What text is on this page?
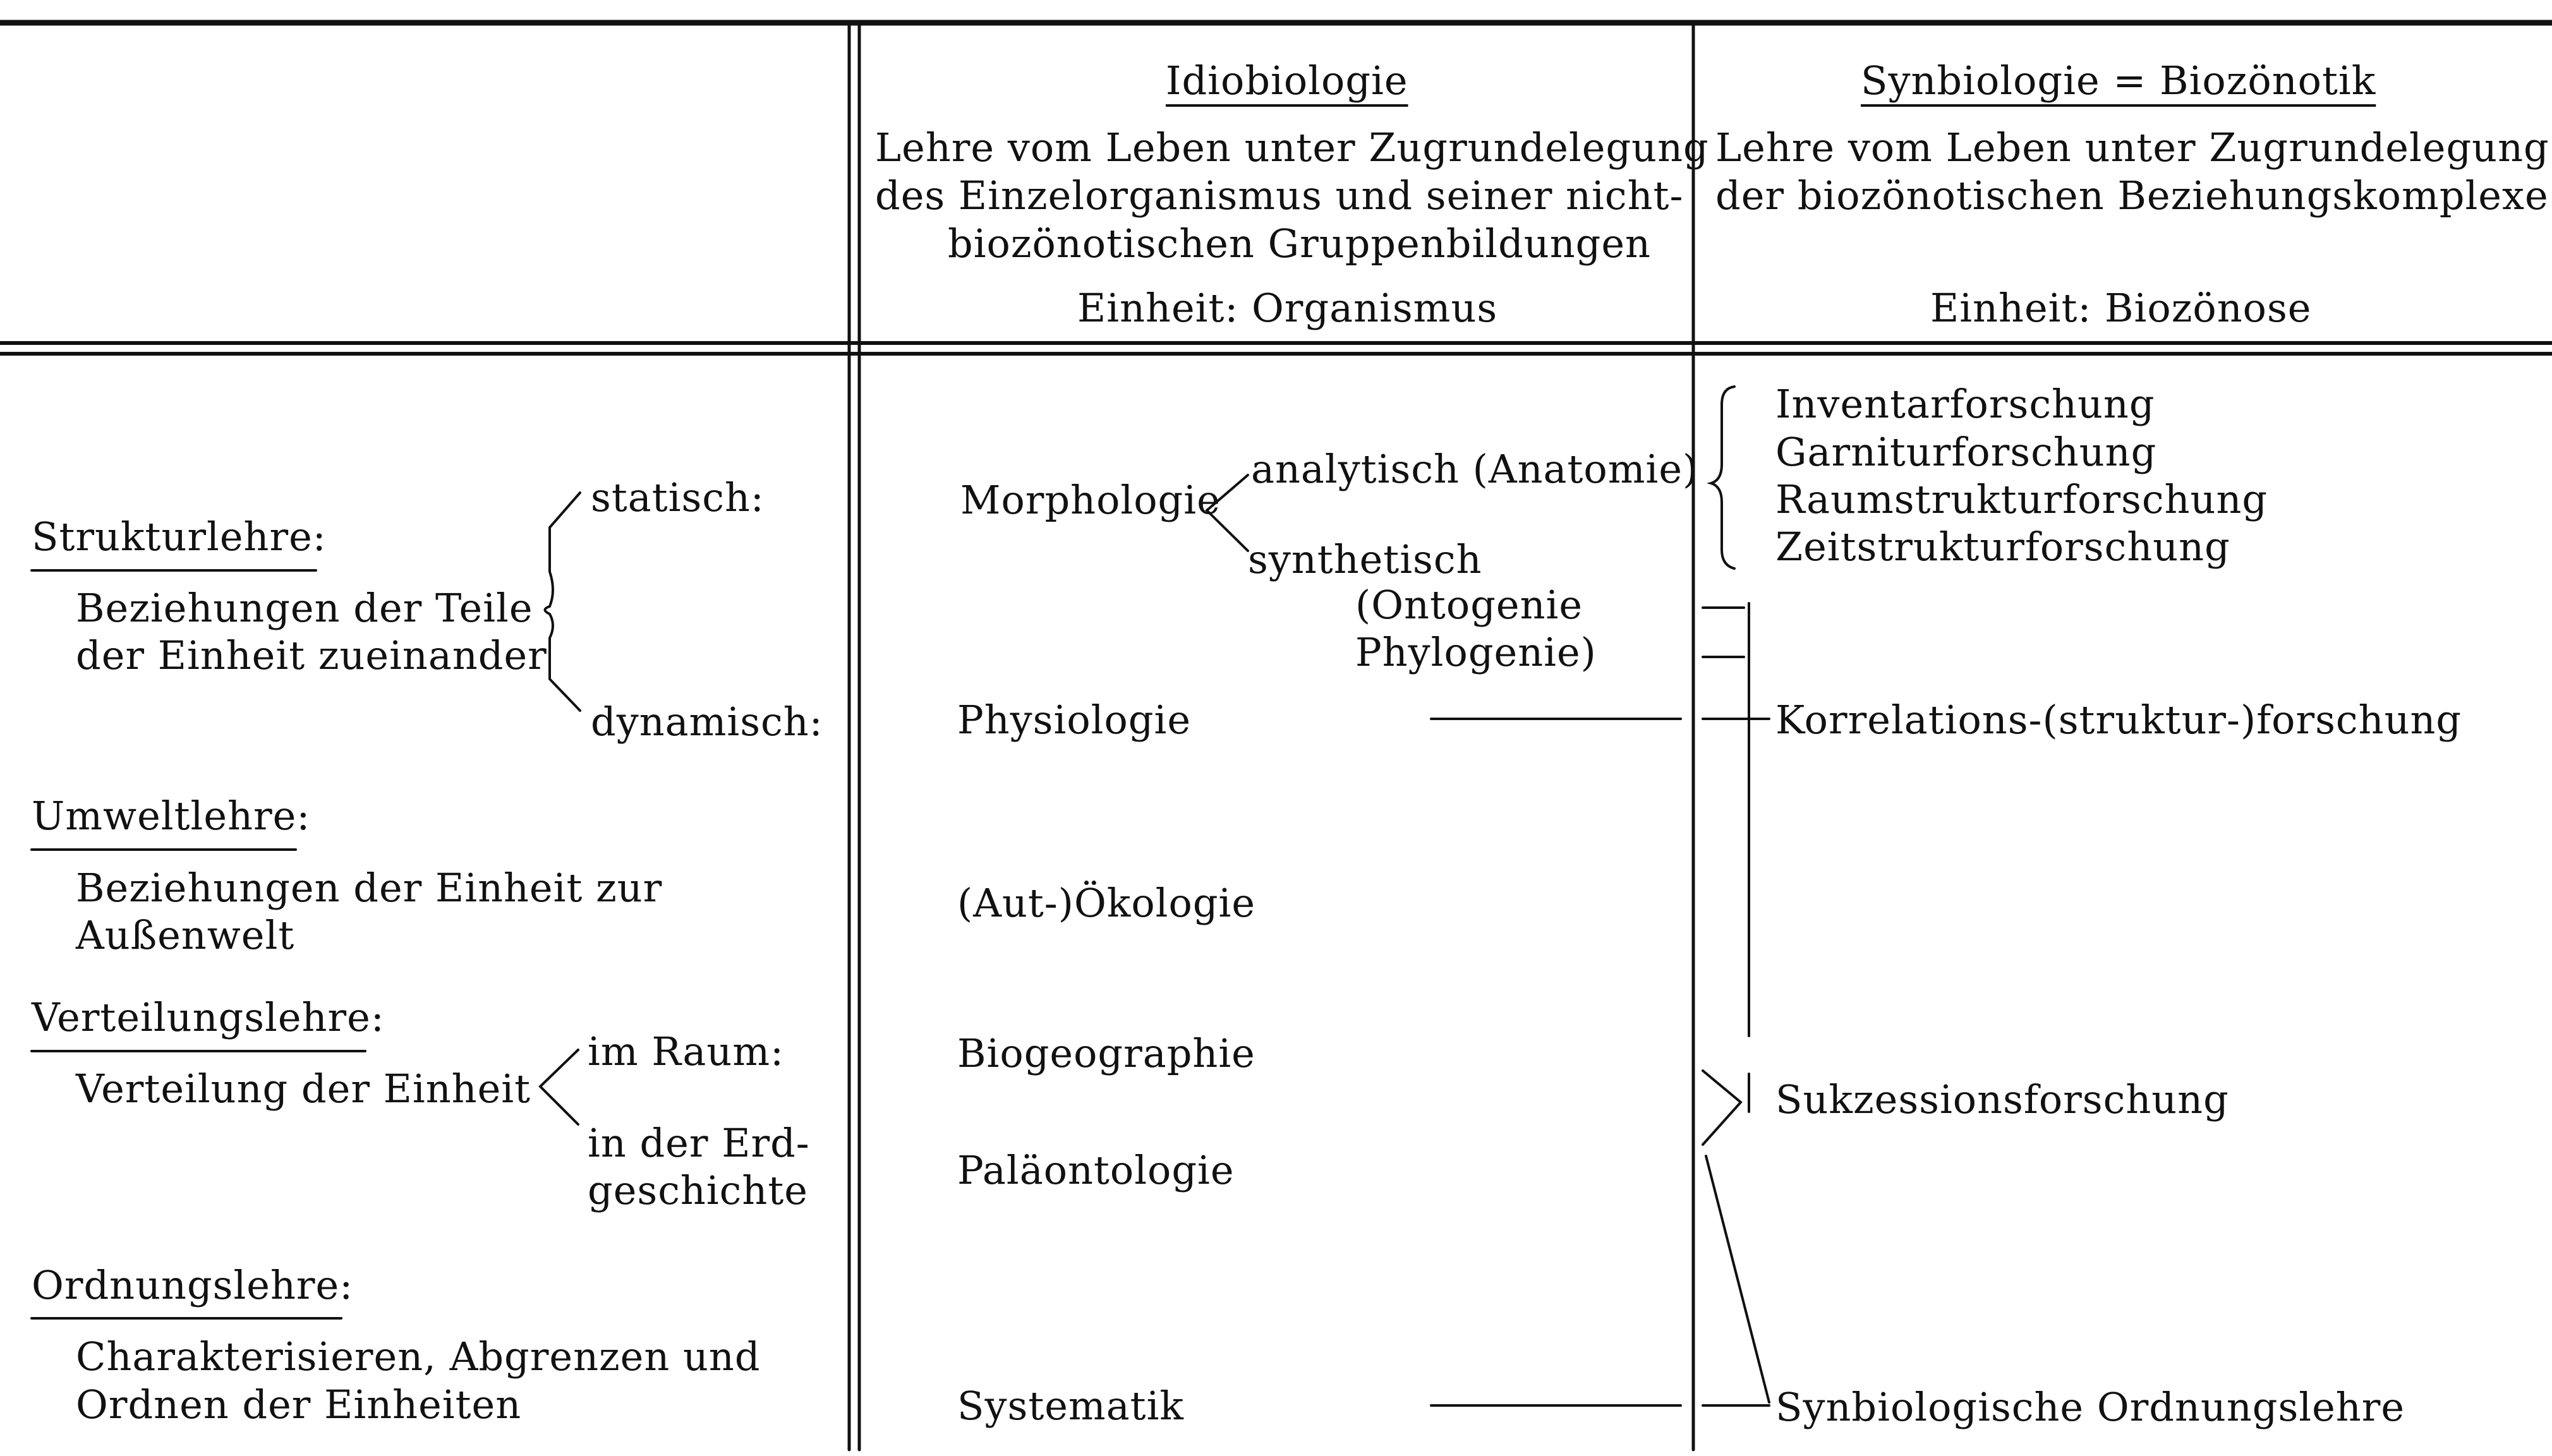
Idiobiologie
Lehre vom Leben unter Zugrundelegung
des Einzelorganismus und seiner nicht-
biozönotischen Gruppenbildungen
Einheit: Organismus
Synbiologie = Biozönotik
Lehre vom Leben unter Zugrundelegung
der biozönotischen Beziehungskomplexe
Einheit: Biozönose
Strukturlehre:
Beziehungen der Teile
der Einheit zueinander
statisch:
dynamisch:
Morphologie
analytisch (Anatomie)
synthetisch
(Ontogenie
Phylogenie)
Physiologie
Inventarforschung
Garniturforschung
Raumstrukturforschung
Zeitstrukturforschung
Korrelations-(struktur-)forschung
Umweltlehre:
Beziehungen der Einheit zur
Außenwelt
(Aut-)Ökologie
Verteilungslehre:
Verteilung der Einheit
im Raum:
in der Erd-
geschichte
Biogeographie
Paläontologie
Sukzessionsforschung
Ordnungslehre:
Charakterisieren, Abgrenzen und
Ordnen der Einheiten	Systematik	Synbiologische Ordnungslehre
